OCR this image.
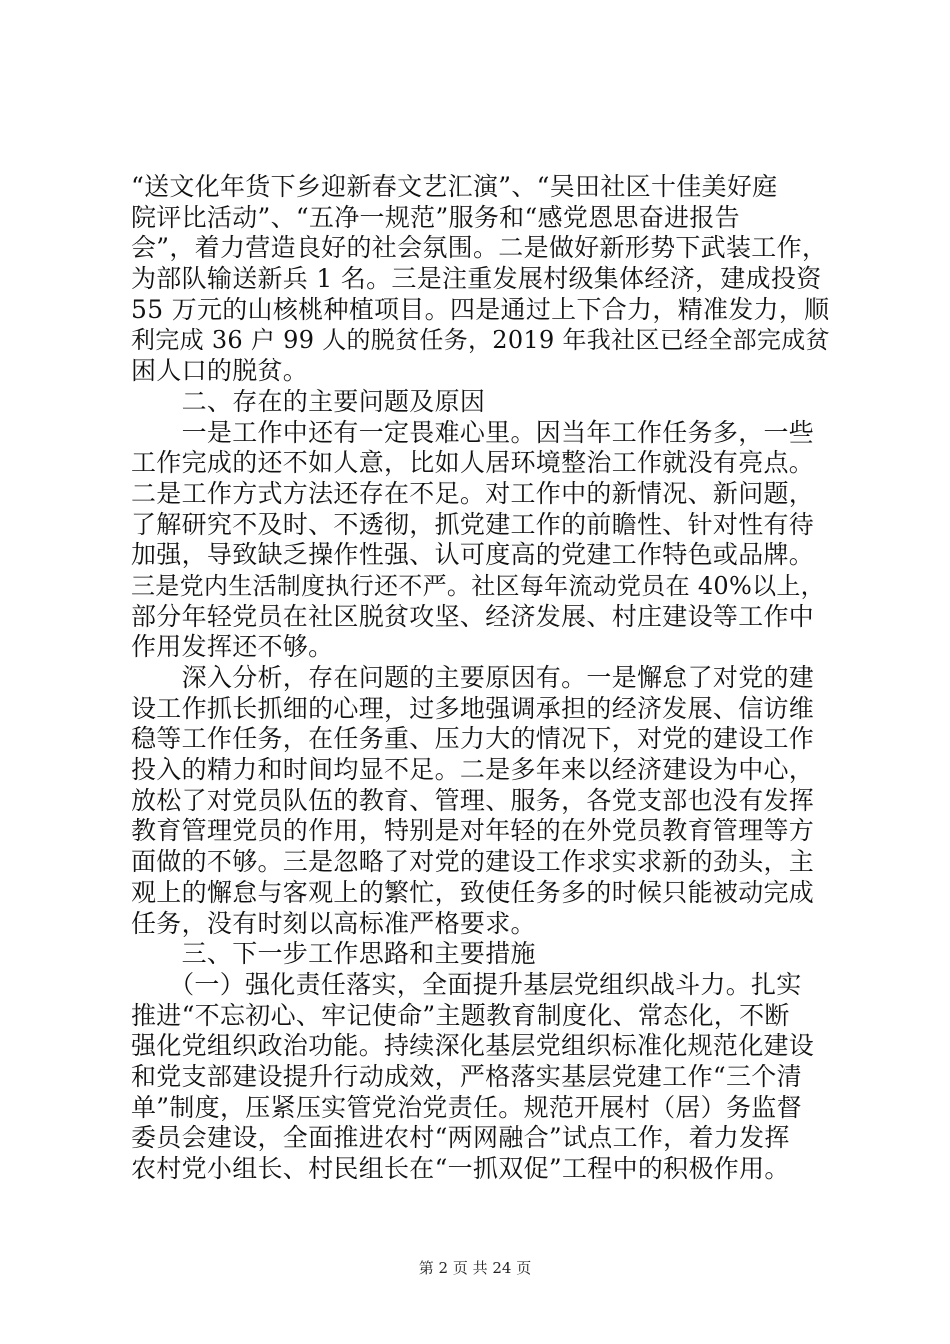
“送文化年货下乡迎新春文艺汇演”、“吴田社区十佳美好庭
院评比活动”、“五净一规范”服务和“感党恩思奋进报告
会”，着力营造良好的社会氛围。二是做好新形势下武装工作，
为部队输送新兵 1 名。三是注重发展村级集体经济，建成投资
55 万元的山核桃种植项目。四是通过上下合力，精准发力，顺
利完成 36 户 99 人的脱贫任务，2019 年我社区已经全部完成贫
困人口的脱贫。
　　二、存在的主要问题及原因
　　一是工作中还有一定畏难心里。因当年工作任务多，一些
工作完成的还不如人意，比如人居环境整治工作就没有亮点。
二是工作方式方法还存在不足。对工作中的新情况、新问题，
了解研究不及时、不透彻，抓党建工作的前瞻性、针对性有待
加强，导致缺乏操作性强、认可度高的党建工作特色或品牌。
三是党内生活制度执行还不严。社区每年流动党员在 40%以上，
部分年轻党员在社区脱贫攻坚、经济发展、村庄建设等工作中
作用发挥还不够。
　　深入分析，存在问题的主要原因有。一是懈怠了对党的建
设工作抓长抓细的心理，过多地强调承担的经济发展、信访维
稳等工作任务，在任务重、压力大的情况下，对党的建设工作
投入的精力和时间均显不足。二是多年来以经济建设为中心，
放松了对党员队伍的教育、管理、服务，各党支部也没有发挥
教育管理党员的作用，特别是对年轻的在外党员教育管理等方
面做的不够。三是忽略了对党的建设工作求实求新的劲头，主
观上的懈怠与客观上的繁忙，致使任务多的时候只能被动完成
任务，没有时刻以高标准严格要求。
　　三、下一步工作思路和主要措施
　　（一）强化责任落实，全面提升基层党组织战斗力。扎实
推进“不忘初心、牢记使命”主题教育制度化、常态化，不断
强化党组织政治功能。持续深化基层党组织标准化规范化建设
和党支部建设提升行动成效，严格落实基层党建工作“三个清
单”制度，压紧压实管党治党责任。规范开展村（居）务监督
委员会建设，全面推进农村“两网融合”试点工作，着力发挥
农村党小组长、村民组长在“一抓双促”工程中的积极作用。
第 2 页 共 24 页
